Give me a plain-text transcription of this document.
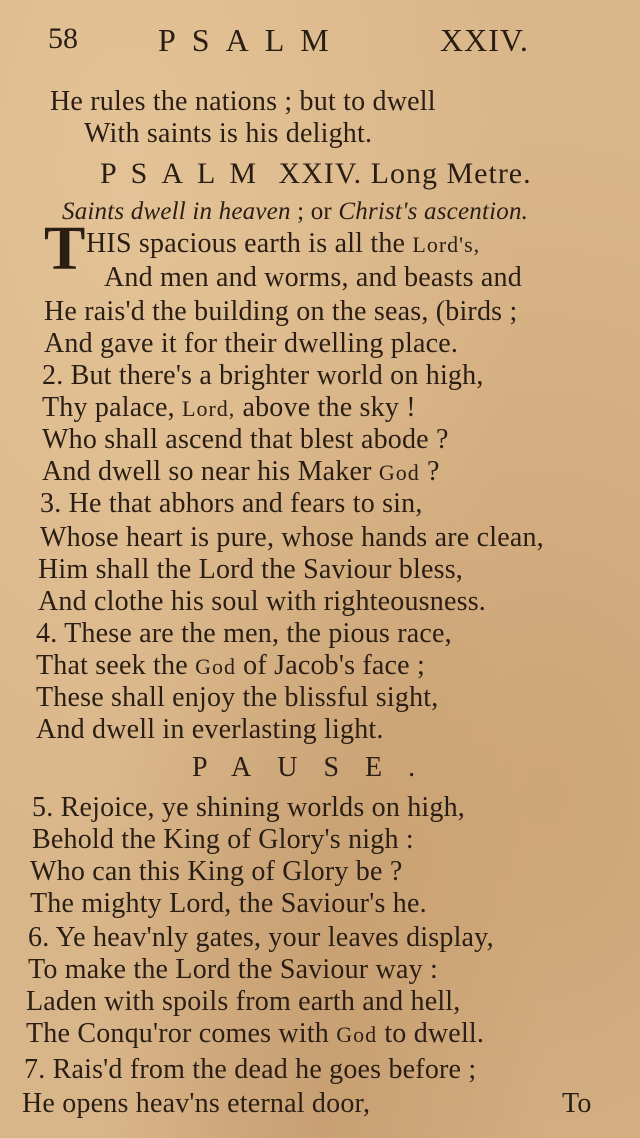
58	PSALM	XXIV.
He rules the nations ; but to dwell
With saints is his delight.
PSALM XXIV. Long Metre.
Saints dwell in heaven ; or Christ's ascention.
T HIS spacious earth is all the Lord's,
And men and worms, and beasts and
He rais'd the building on the seas, (birds ;
And gave it for their dwelling place.
2. But there's a brighter world on high,
Thy palace, Lord, above the sky !
Who shall ascend that blest abode ?
And dwell so near his Maker God ?
3. He that abhors and fears to sin,
Whose heart is pure, whose hands are clean,
Him shall the Lord the Saviour bless,
And clothe his soul with righteousness.
4. These are the men, the pious race,
That seek the God of Jacob's face ;
These shall enjoy the blissful sight,
And dwell in everlasting light.
PAUSE.
5. Rejoice, ye shining worlds on high,
Behold the King of Glory's nigh :
Who can this King of Glory be ?
The mighty Lord, the Saviour's he.
6. Ye heav'nly gates, your leaves display,
To make the Lord the Saviour way :
Laden with spoils from earth and hell,
The Conqu'ror comes with God to dwell.
7. Rais'd from the dead he goes before ;
He opens heav'ns eternal door,	To
